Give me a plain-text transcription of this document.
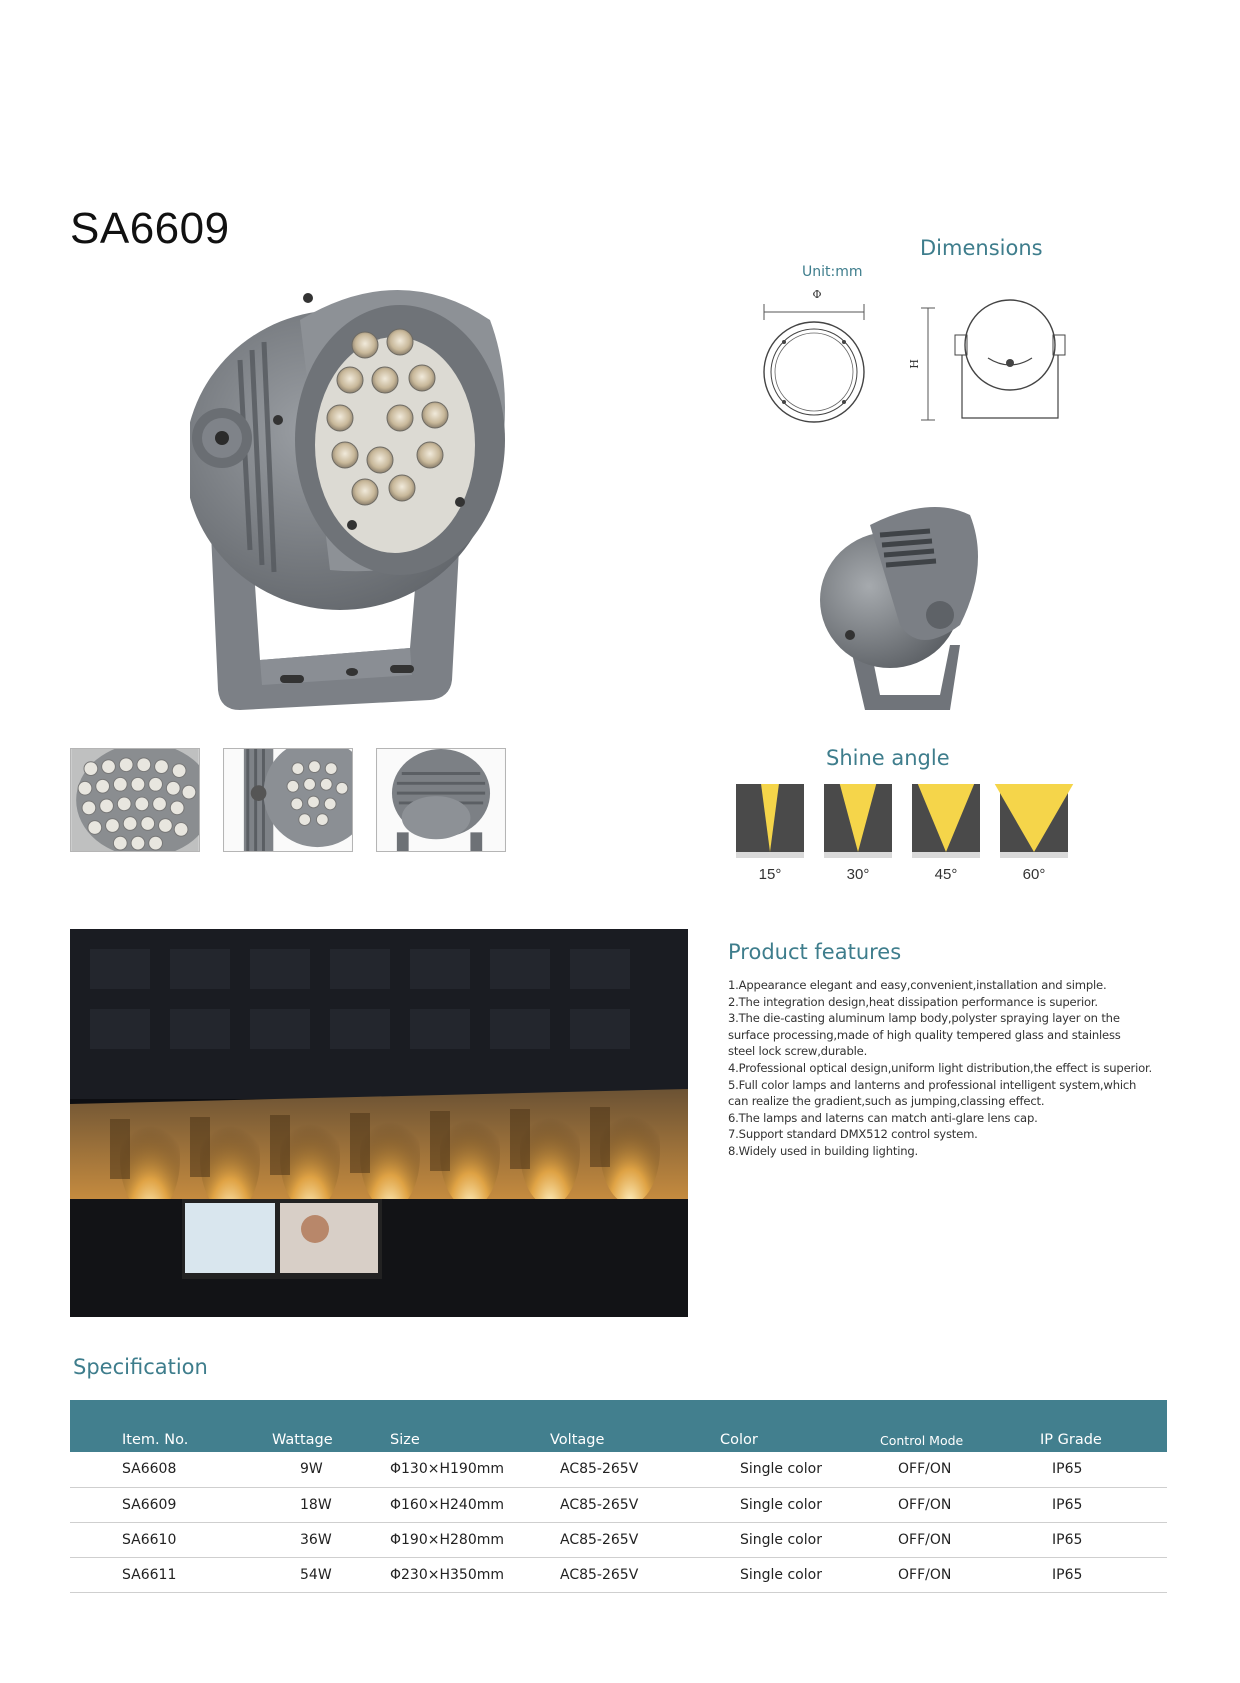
SA6609	Dimensions
Unit:mm
Φ
H
Shine angle
15°	30°	45°	60°
Product features
1.Appearance elegant and easy,convenient,installation and simple.
2.The integration design,heat dissipation performance is superior.
3.The die-casting aluminum lamp body,polyster spraying layer on the
surface processing,made of high quality tempered glass and stainless
steel lock screw,durable.
4.Professional optical design,uniform light distribution,the effect is superior.
5.Full color lamps and lanterns and professional intelligent system,which
can realize the gradient,such as jumping,classing effect.
6.The lamps and laterns can match anti-glare lens cap.
7.Support standard DMX512 control system.
8.Widely used in building lighting.
Specification
Item. No.	Wattage	Size	Voltage	Color	Control Mode	IP Grade
SA6608	9W	Φ130×H190mm	AC85-265V	Single color	OFF/ON	IP65
SA6609	18W	Φ160×H240mm	AC85-265V	Single color	OFF/ON	IP65
SA6610	36W	Φ190×H280mm	AC85-265V	Single color	OFF/ON	IP65
SA6611	54W	Φ230×H350mm	AC85-265V	Single color	OFF/ON	IP65
